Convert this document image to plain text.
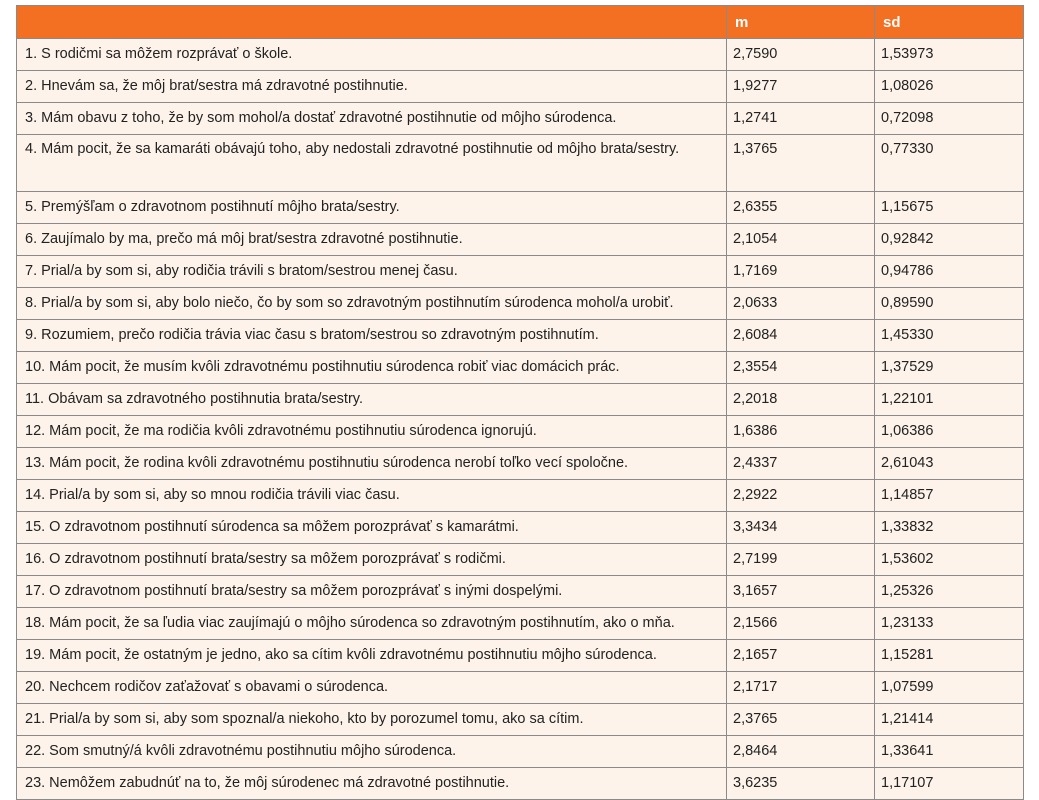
	m	sd
1. S rodičmi sa môžem rozprávať o škole.	2,7590	1,53973
2. Hnevám sa, že môj brat/sestra má zdravotné postihnutie.	1,9277	1,08026
3. Mám obavu z toho, že by som mohol/a dostať zdravotné postihnutie od môjho súrodenca.	1,2741	0,72098
4. Mám pocit, že sa kamaráti obávajú toho, aby nedostali zdravotné postihnutie od môjho brata/sestry.	1,3765	0,77330
5. Premýšľam o zdravotnom postihnutí môjho brata/sestry.	2,6355	1,15675
6. Zaujímalo by ma, prečo má môj brat/sestra zdravotné postihnutie.	2,1054	0,92842
7. Prial/a by som si, aby rodičia trávili s bratom/sestrou menej času.	1,7169	0,94786
8. Prial/a by som si, aby bolo niečo, čo by som so zdravotným postihnutím súrodenca mohol/a urobiť.	2,0633	0,89590
9. Rozumiem, prečo rodičia trávia viac času s bratom/sestrou so zdravotným postihnutím.	2,6084	1,45330
10. Mám pocit, že musím kvôli zdravotnému postihnutiu súrodenca robiť viac domácich prác.	2,3554	1,37529
11. Obávam sa zdravotného postihnutia brata/sestry.	2,2018	1,22101
12. Mám pocit, že ma rodičia kvôli zdravotnému postihnutiu súrodenca ignorujú.	1,6386	1,06386
13. Mám pocit, že rodina kvôli zdravotnému postihnutiu súrodenca nerobí toľko vecí spoločne.	2,4337	2,61043
14. Prial/a by som si, aby so mnou rodičia trávili viac času.	2,2922	1,14857
15. O zdravotnom postihnutí súrodenca sa môžem porozprávať s kamarátmi.	3,3434	1,33832
16. O zdravotnom postihnutí brata/sestry sa môžem porozprávať s rodičmi.	2,7199	1,53602
17. O zdravotnom postihnutí brata/sestry sa môžem porozprávať s inými dospelými.	3,1657	1,25326
18. Mám pocit, že sa ľudia viac zaujímajú o môjho súrodenca so zdravotným postihnutím, ako o mňa.	2,1566	1,23133
19. Mám pocit, že ostatným je jedno, ako sa cítim kvôli zdravotnému postihnutiu môjho súrodenca.	2,1657	1,15281
20. Nechcem rodičov zaťažovať s obavami o súrodenca.	2,1717	1,07599
21. Prial/a by som si, aby som spoznal/a niekoho, kto by porozumel tomu, ako sa cítim.	2,3765	1,21414
22. Som smutný/á kvôli zdravotnému postihnutiu môjho súrodenca.	2,8464	1,33641
23. Nemôžem zabudnúť na to, že môj súrodenec má zdravotné postihnutie.	3,6235	1,17107
